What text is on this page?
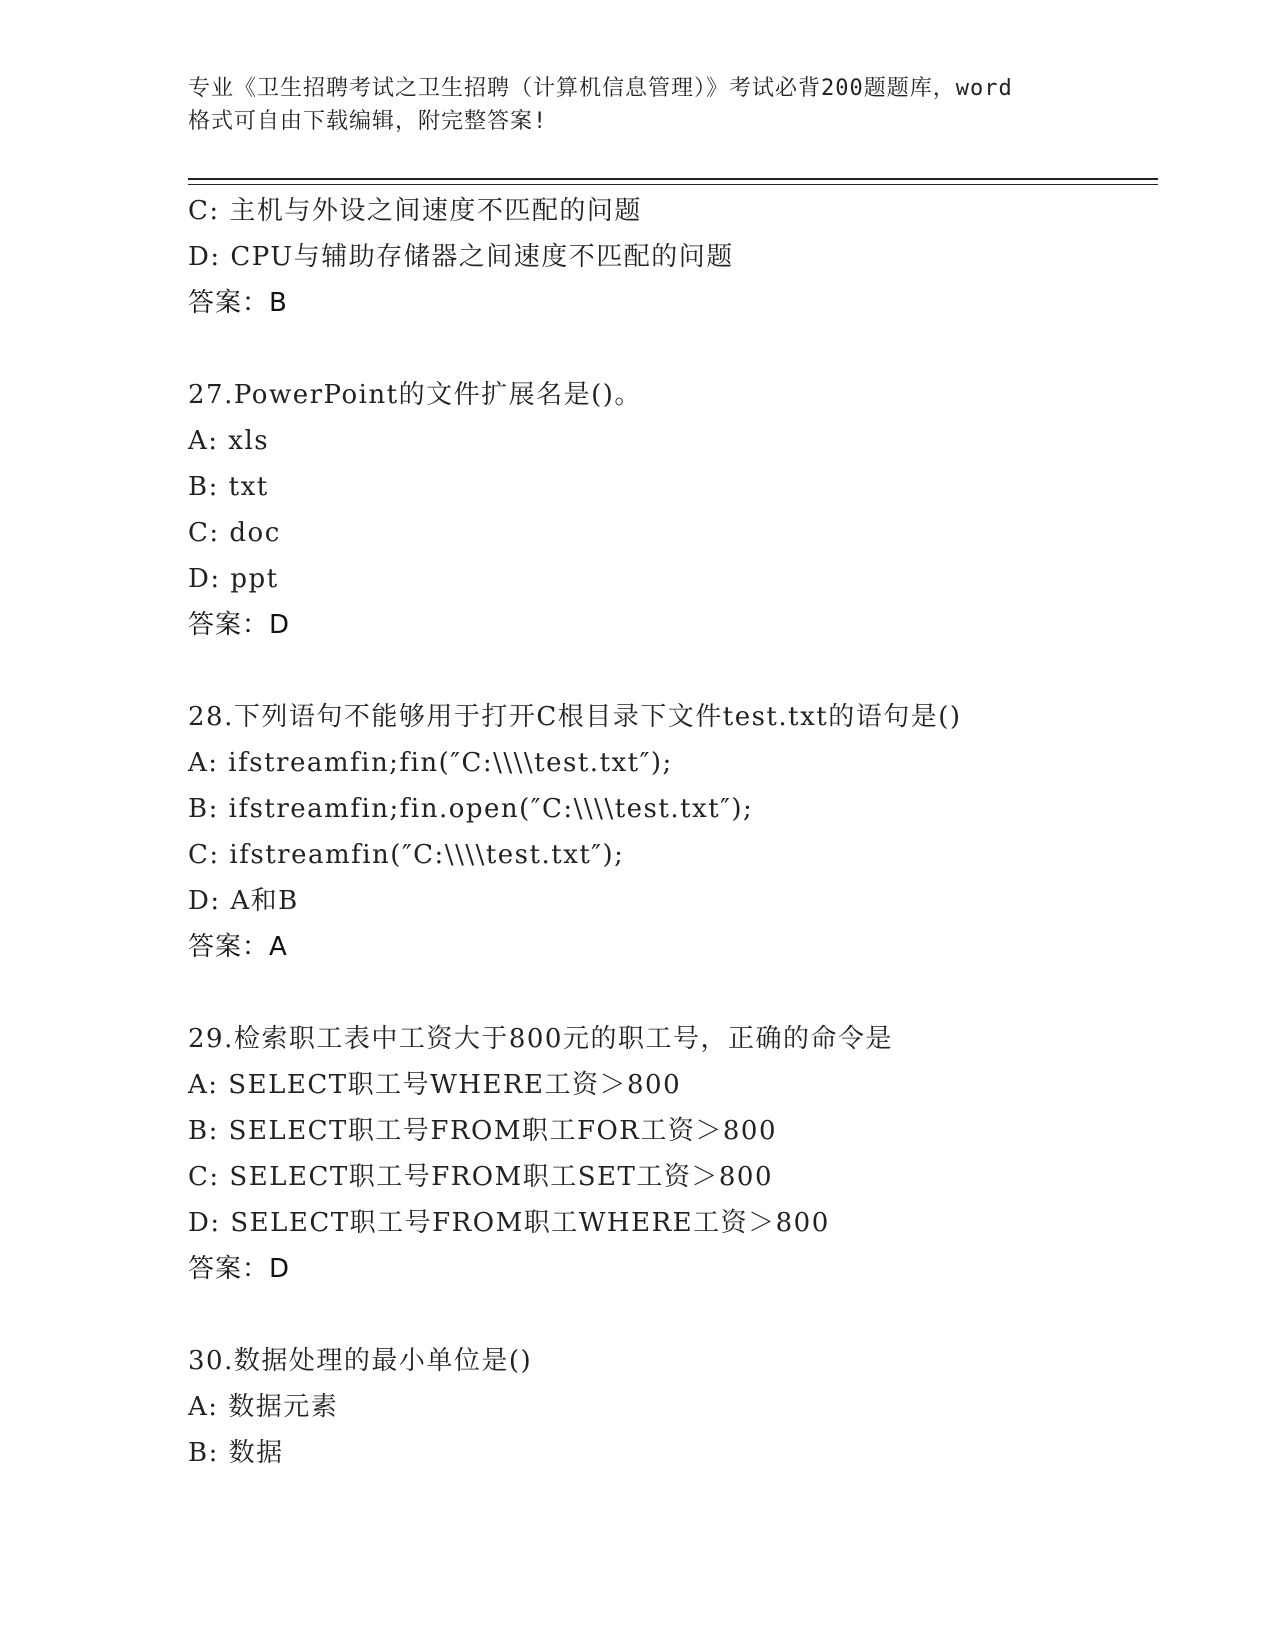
专业《卫生招聘考试之卫生招聘（计算机信息管理）》考试必背200题题库，word
格式可自由下载编辑，附完整答案!
C: 主机与外设之间速度不匹配的问题
D: CPU与辅助存储器之间速度不匹配的问题
答案：B
27.PowerPoint的文件扩展名是()。
A: xls
B: txt
C: doc
D: ppt
答案：D
28.下列语句不能够用于打开C根目录下文件test.txt的语句是()
A: ifstreamfin;fin(″C:\\\\test.txt″);
B: ifstreamfin;fin.open(″C:\\\\test.txt″);
C: ifstreamfin(″C:\\\\test.txt″);
D: A和B
答案：A
29.检索职工表中工资大于800元的职工号，正确的命令是
A: SELECT职工号WHERE工资＞800
B: SELECT职工号FROM职工FOR工资＞800
C: SELECT职工号FROM职工SET工资＞800
D: SELECT职工号FROM职工WHERE工资＞800
答案：D
30.数据处理的最小单位是()
A: 数据元素
B: 数据
